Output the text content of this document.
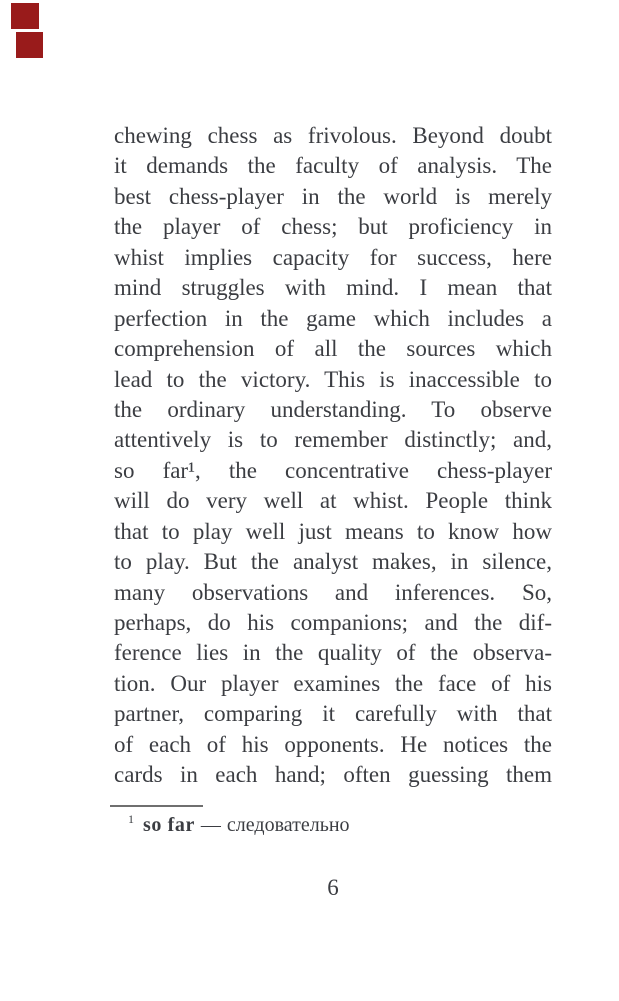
chewing chess as frivolous. Beyond doubt
it demands the faculty of analysis. The
best chess-player in the world is merely
the player of chess; but proficiency in
whist implies capacity for success, here
mind struggles with mind. I mean that
perfection in the game which includes a
comprehension of all the sources which
lead to the victory. This is inaccessible to
the ordinary understanding. To observe
attentively is to remember distinctly; and,
so far¹, the concentrative chess-player
will do very well at whist. People think
that to play well just means to know how
to play. But the analyst makes, in silence,
many observations and inferences. So,
perhaps, do his companions; and the dif-
ference lies in the quality of the observa-
tion. Our player examines the face of his
partner, comparing it carefully with that
of each of his opponents. He notices the
cards in each hand; often guessing them
$^1$ so far — следовательно
6
